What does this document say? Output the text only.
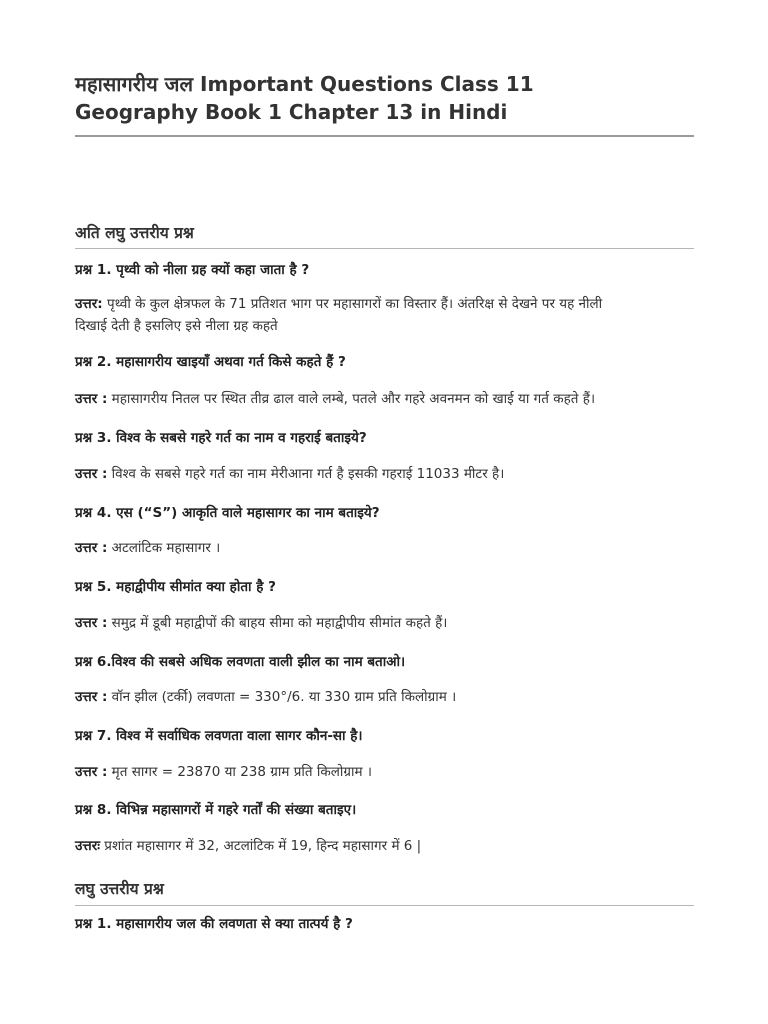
महासागरीय जल Important Questions Class 11
Geography Book 1 Chapter 13 in Hindi
अति लघु उत्तरीय प्रश्न

प्रश्न 1. पृथ्वी को नीला ग्रह क्यों कहा जाता है ?

उत्तर: पृथ्वी के कुल क्षेत्रफल के 71 प्रतिशत भाग पर महासागरों का विस्तार हैं। अंतरिक्ष से देखने पर यह नीली
दिखाई देती है इसलिए इसे नीला ग्रह कहते

प्रश्न 2. महासागरीय खाइयाँ अथवा गर्त किसे कहते हैं ?

उत्तर : महासागरीय नितल पर स्थित तीव्र ढाल वाले लम्बे, पतले और गहरे अवनमन को खाई या गर्त कहते हैं।

प्रश्न 3. विश्व के सबसे गहरे गर्त का नाम व गहराई बताइये?

उत्तर : विश्व के सबसे गहरे गर्त का नाम मेरीआना गर्त है इसकी गहराई 11033 मीटर है।

प्रश्न 4. एस (“S”) आकृति वाले महासागर का नाम बताइये?

उत्तर : अटलांटिक महासागर ।

प्रश्न 5. महाद्वीपीय सीमांत क्या होता है ?

उत्तर : समुद्र में डूबी महाद्वीपों की बाहय सीमा को महाद्वीपीय सीमांत कहते हैं।

प्रश्न 6.विश्व की सबसे अधिक लवणता वाली झील का नाम बताओ।

उत्तर : वॉन झील (टर्की) लवणता = 330°/6. या 330 ग्राम प्रति किलोग्राम ।

प्रश्न 7. विश्व में सर्वाधिक लवणता वाला सागर कौन-सा है।

उत्तर : मृत सागर = 23870 या 238 ग्राम प्रति किलोग्राम ।

प्रश्न 8. विभिन्न महासागरों में गहरे गर्तों की संख्या बताइए।

उत्तरः प्रशांत महासागर में 32, अटलांटिक में 19, हिन्द महासागर में 6 |

लघु उत्तरीय प्रश्न

प्रश्न 1. महासागरीय जल की लवणता से क्या तात्पर्य है ?
